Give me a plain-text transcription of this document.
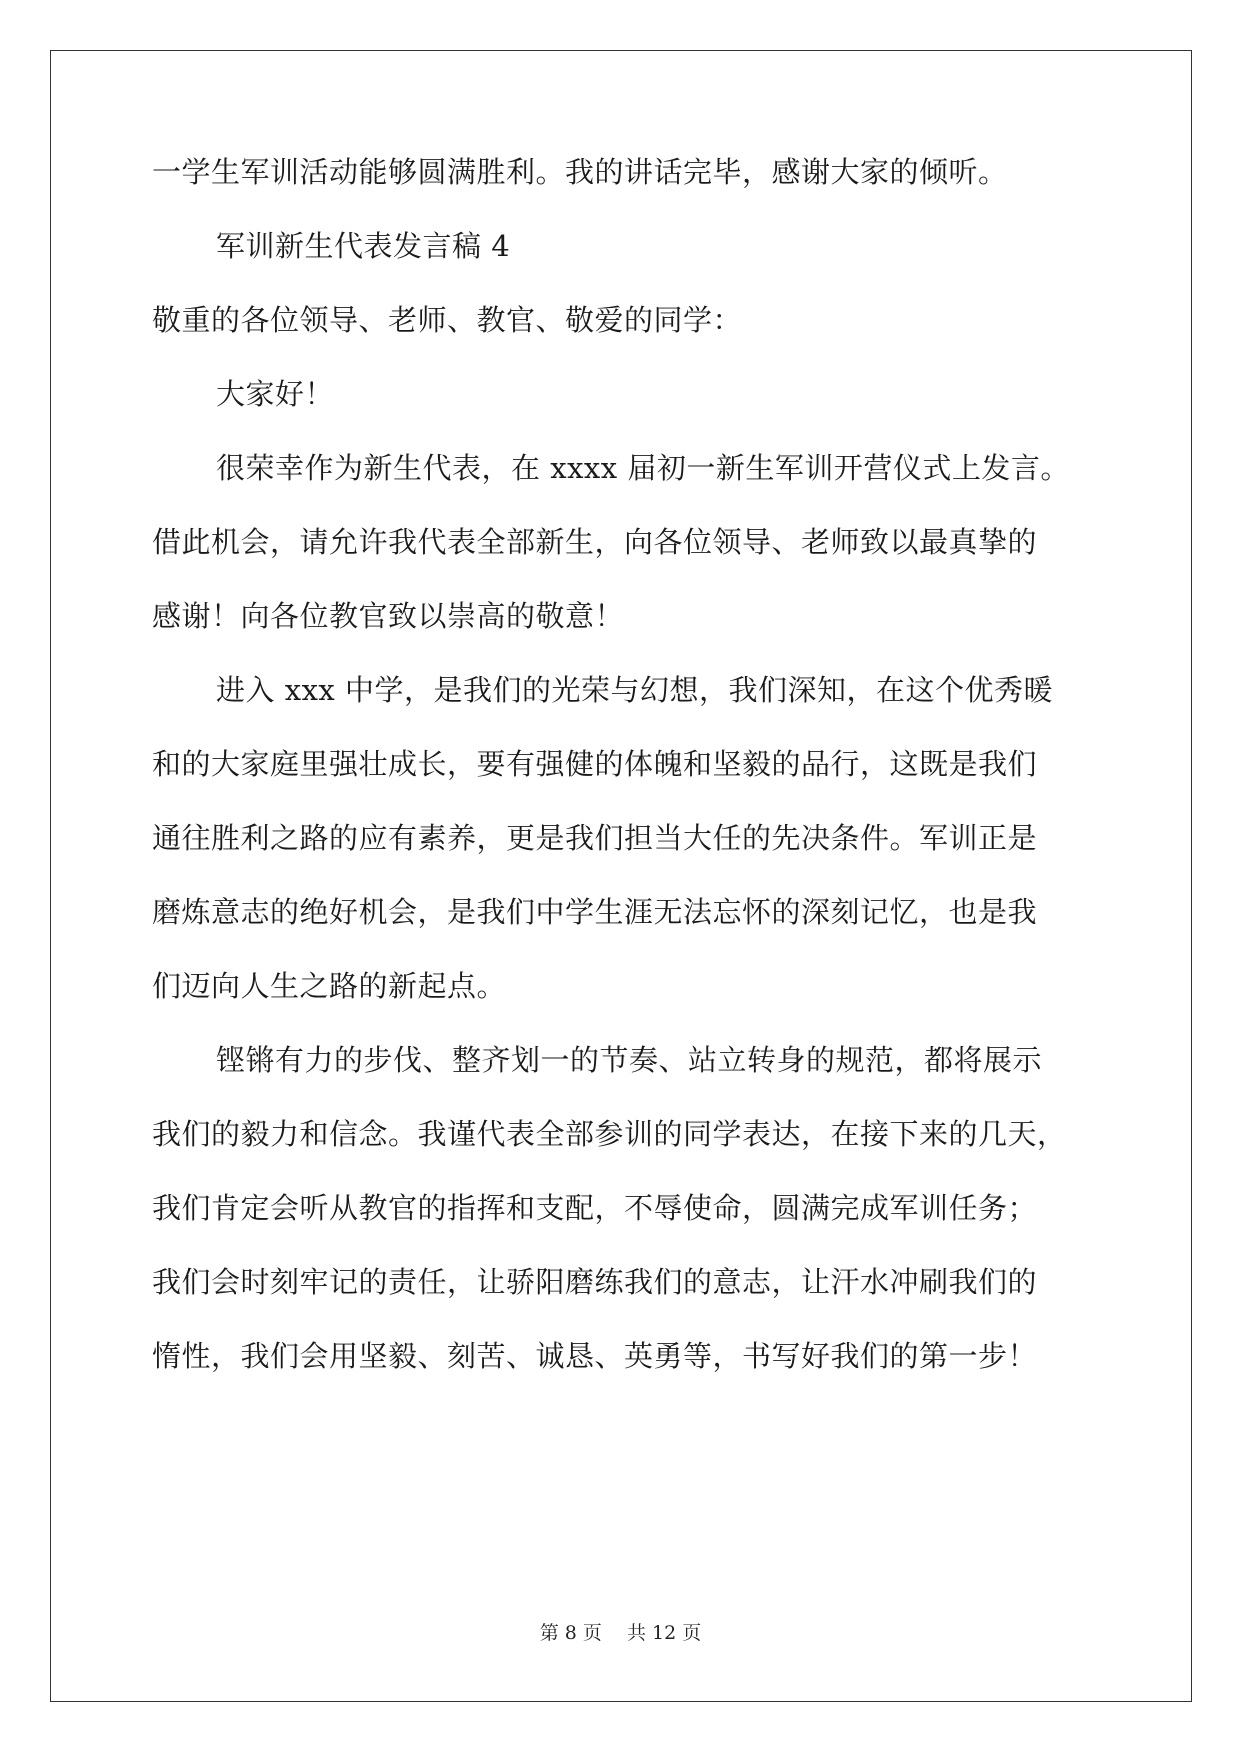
一学生军训活动能够圆满胜利。我的讲话完毕，感谢大家的倾听。
军训新生代表发言稿 4
敬重的各位领导、老师、教官、敬爱的同学：
大家好！
很荣幸作为新生代表，在 xxxx 届初一新生军训开营仪式上发言。
借此机会，请允许我代表全部新生，向各位领导、老师致以最真挚的
感谢！向各位教官致以崇高的敬意！
进入 xxx 中学，是我们的光荣与幻想，我们深知，在这个优秀暖
和的大家庭里强壮成长，要有强健的体魄和坚毅的品行，这既是我们
通往胜利之路的应有素养，更是我们担当大任的先决条件。军训正是
磨炼意志的绝好机会，是我们中学生涯无法忘怀的深刻记忆，也是我
们迈向人生之路的新起点。
铿锵有力的步伐、整齐划一的节奏、站立转身的规范，都将展示
我们的毅力和信念。我谨代表全部参训的同学表达，在接下来的几天，
我们肯定会听从教官的指挥和支配，不辱使命，圆满完成军训任务；
我们会时刻牢记的责任，让骄阳磨练我们的意志，让汗水冲刷我们的
惰性，我们会用坚毅、刻苦、诚恳、英勇等，书写好我们的第一步！
第 8 页　 共 12 页
